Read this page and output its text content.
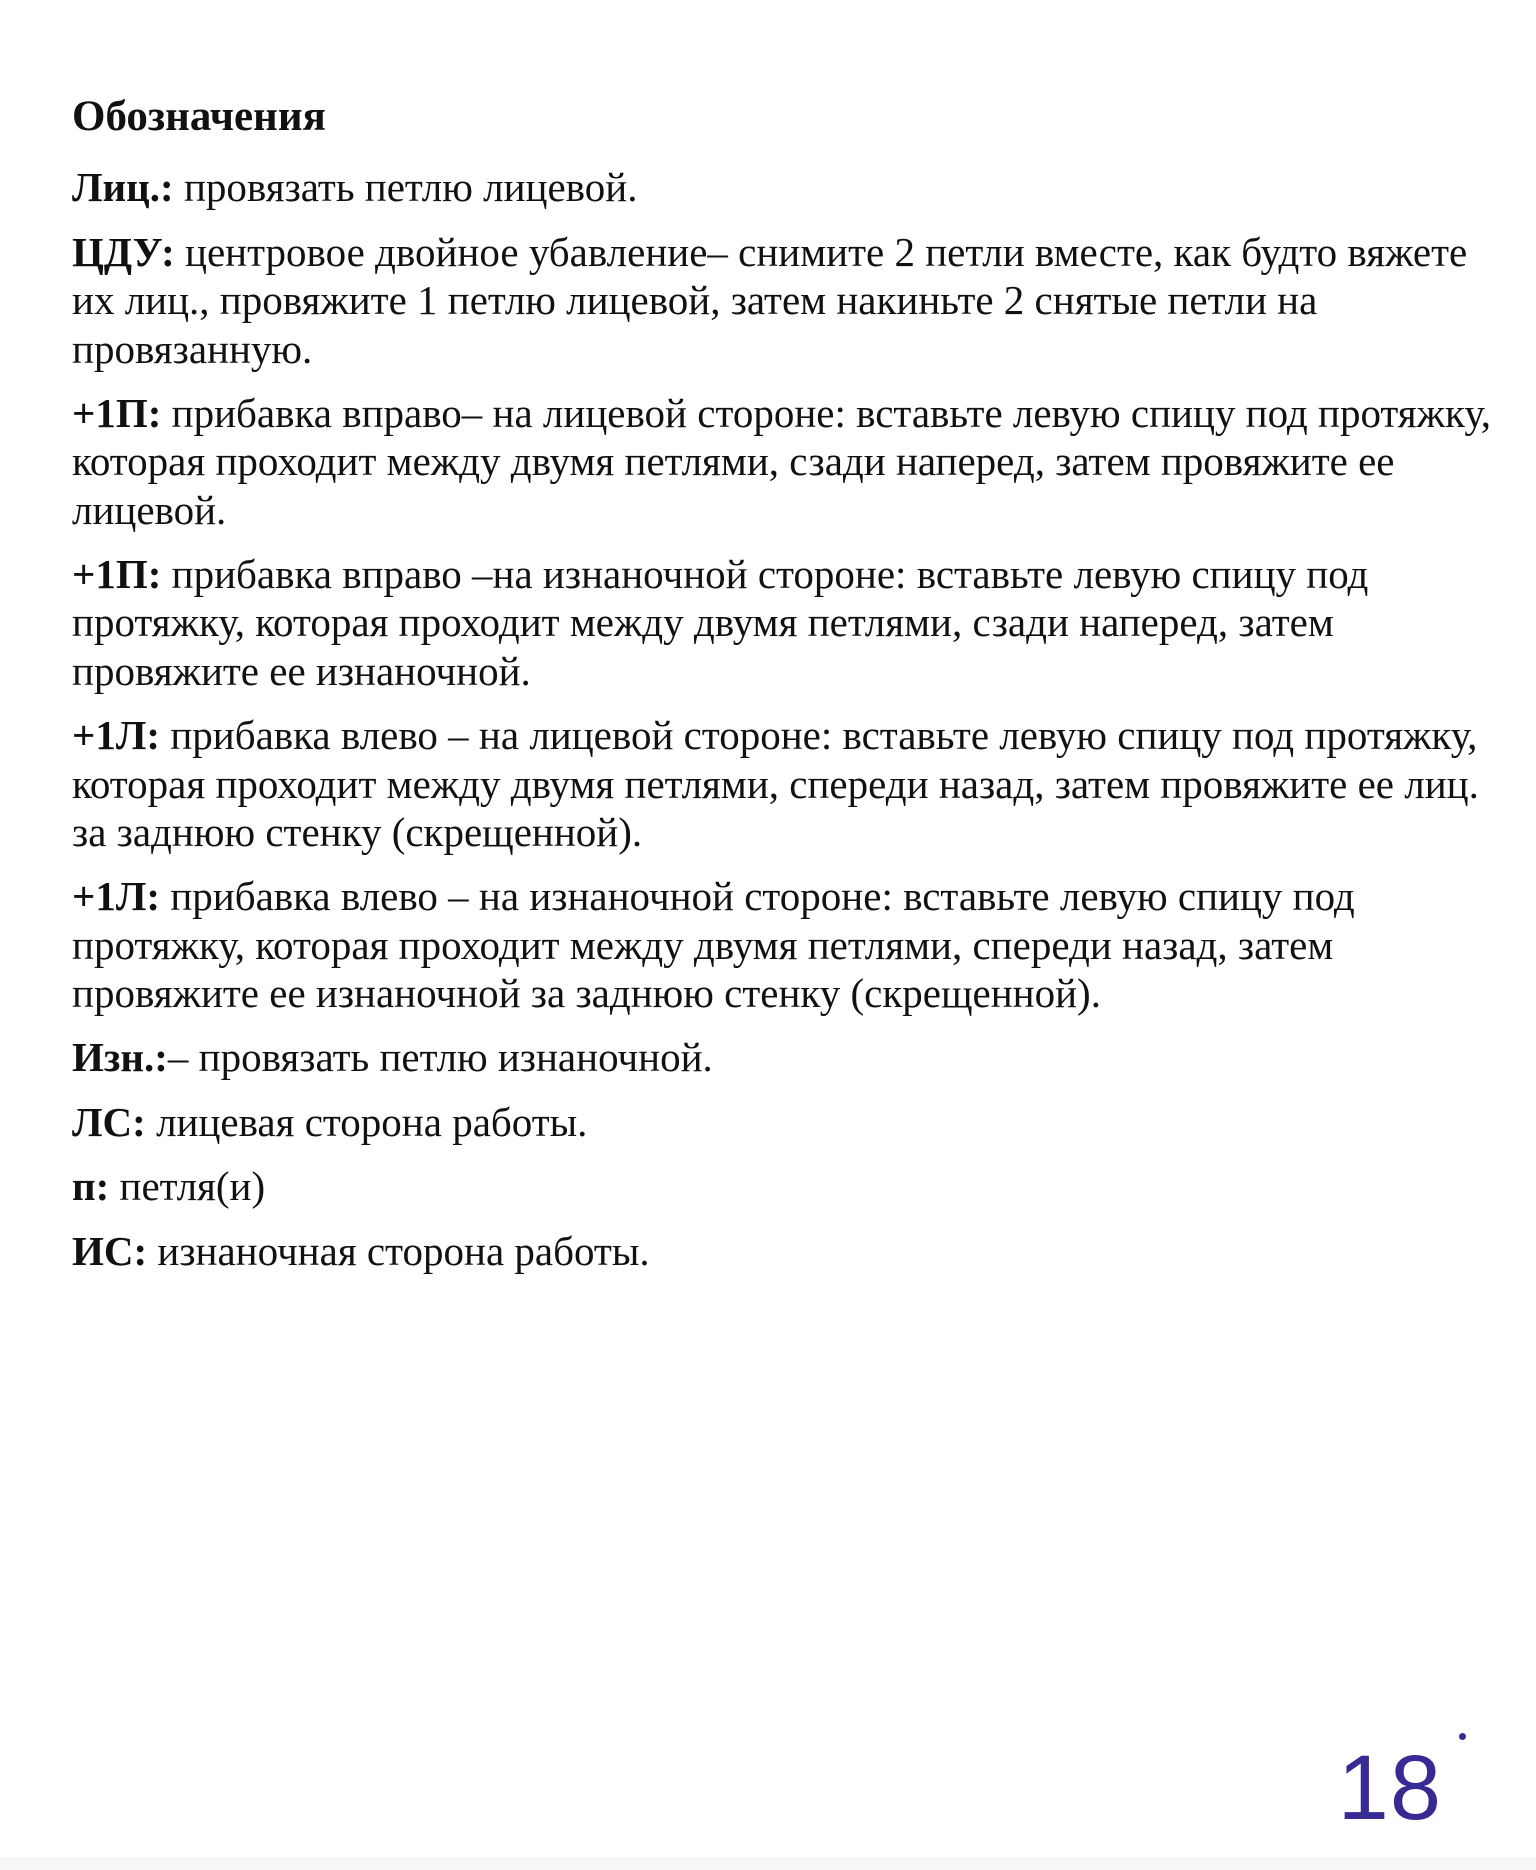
Обозначения

Лиц.: провязать петлю лицевой.

ЦДУ: центровое двойное убавление– снимите 2 петли вместе, как будто вяжете их лиц., провяжите 1 петлю лицевой, затем накиньте 2 снятые петли на провязанную.

+1П: прибавка вправо– на лицевой стороне: вставьте левую спицу под протяжку, которая проходит между двумя петлями, сзади наперед, затем провяжите ее лицевой.

+1П: прибавка вправо –на изнаночной стороне: вставьте левую спицу под протяжку, которая проходит между двумя петлями, сзади наперед, затем провяжите ее изнаночной.

+1Л: прибавка влево – на лицевой стороне: вставьте левую спицу под протяжку, которая проходит между двумя петлями, спереди назад, затем провяжите ее лиц. за заднюю стенку (скрещенной).

+1Л: прибавка влево – на изнаночной стороне: вставьте левую спицу под протяжку, которая проходит между двумя петлями, спереди назад, затем провяжите ее изнаночной за заднюю стенку (скрещенной).

Изн.:– провязать петлю изнаночной.

ЛС: лицевая сторона работы.

п: петля(и)

ИС: изнаночная сторона работы.

18
